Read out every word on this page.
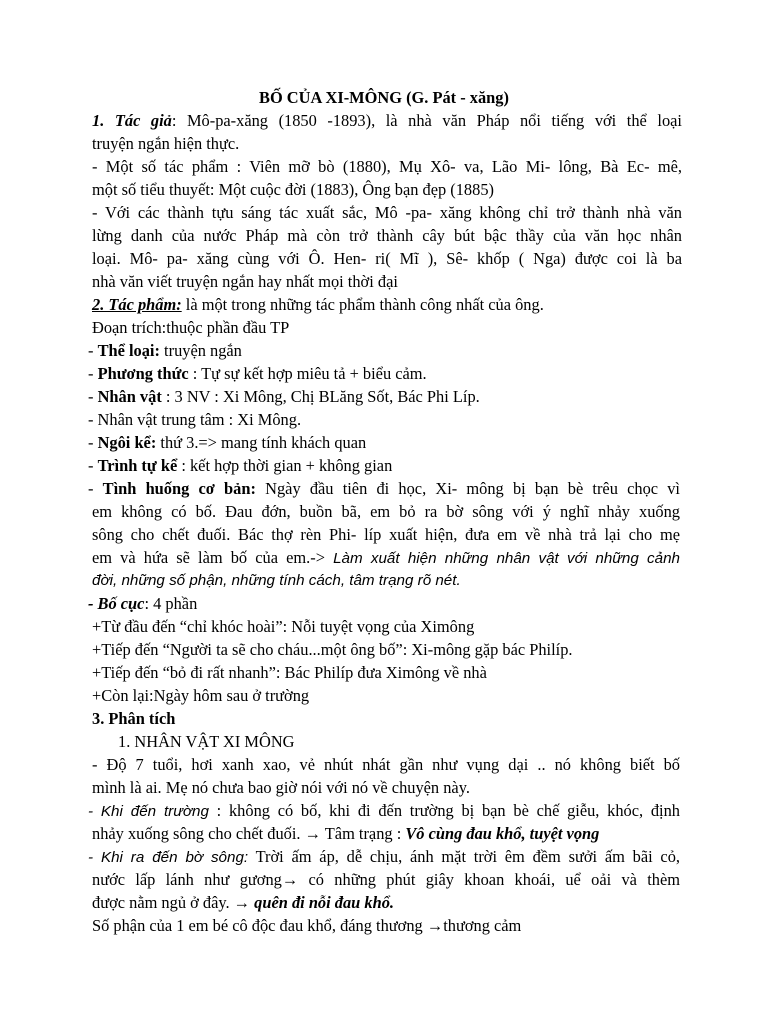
BỐ CỦA XI-MÔNG (G. Pát - xăng)
1. Tác giả: Mô-pa-xăng (1850 -1893), là nhà văn Pháp nổi tiếng với thể loại
truyện ngắn hiện thực.
- Một số tác phẩm : Viên mỡ bò (1880), Mụ Xô- va, Lão Mi- lông, Bà Ec- mê,
một số tiểu thuyết: Một cuộc đời (1883), Ông bạn đẹp (1885)
- Với các thành tựu sáng tác xuất sắc, Mô -pa- xăng không chỉ trở thành nhà văn
lừng danh của nước Pháp mà còn trở thành cây bút bậc thầy của văn học nhân
loại. Mô- pa- xăng cùng với Ô. Hen- ri( Mĩ ), Sê- khốp ( Nga) được coi là ba
nhà văn viết truyện ngắn hay nhất mọi thời đại
2. Tác phẩm: là một trong những tác phẩm thành công nhất của ông.
Đoạn trích:thuộc phần đầu TP
- Thể loại: truyện ngắn
- Phương thức : Tự sự kết hợp miêu tả + biểu cảm.
- Nhân vật : 3 NV : Xi Mông, Chị BLăng Sốt, Bác Phi Líp.
- Nhân vật trung tâm : Xi Mông.
- Ngôi kể: thứ 3.=> mang tính khách quan
- Trình tự kể : kết hợp thời gian + không gian
- Tình huống cơ bản: Ngày đầu tiên đi học, Xi- mông bị bạn bè trêu chọc vì
em không có bố. Đau đớn, buồn bã, em bỏ ra bờ sông với ý nghĩ nhảy xuống
sông cho chết đuối. Bác thợ rèn Phi- líp xuất hiện, đưa em về nhà trả lại cho mẹ
em và hứa sẽ làm bố của em.-> Làm xuất hiện những nhân vật với những cảnh
đời, những số phận, những tính cách, tâm trạng rõ nét.
- Bố cục: 4 phần
+Từ đầu đến “chỉ khóc hoài”: Nỗi tuyệt vọng của Ximông
+Tiếp đến “Người ta sẽ cho cháu...một ông bố”: Xi-mông gặp bác Philíp.
+Tiếp đến “bỏ đi rất nhanh”: Bác Philíp đưa Ximông về nhà
+Còn lại:Ngày hôm sau ở trường
3. Phân tích
1. NHÂN VẬT XI MÔNG
- Độ 7 tuổi, hơi xanh xao, vẻ nhút nhát gần như vụng dại .. nó không biết bố
mình là ai. Mẹ nó chưa bao giờ nói với nó về chuyện này.
- Khi đến trường : không có bố, khi đi đến trường bị bạn bè chế giễu, khóc, định
nhảy xuống sông cho chết đuối. → Tâm trạng : Vô cùng đau khổ, tuyệt vọng
- Khi ra đến bờ sông: Trời ấm áp, dễ chịu, ánh mặt trời êm đềm sưởi ấm bãi cỏ,
nước lấp lánh như gương→ có những phút giây khoan khoái, uể oải và thèm
được nằm ngủ ở đây. → quên đi nỗi đau khổ.
Số phận của 1 em bé cô độc đau khổ, đáng thương →thương cảm
